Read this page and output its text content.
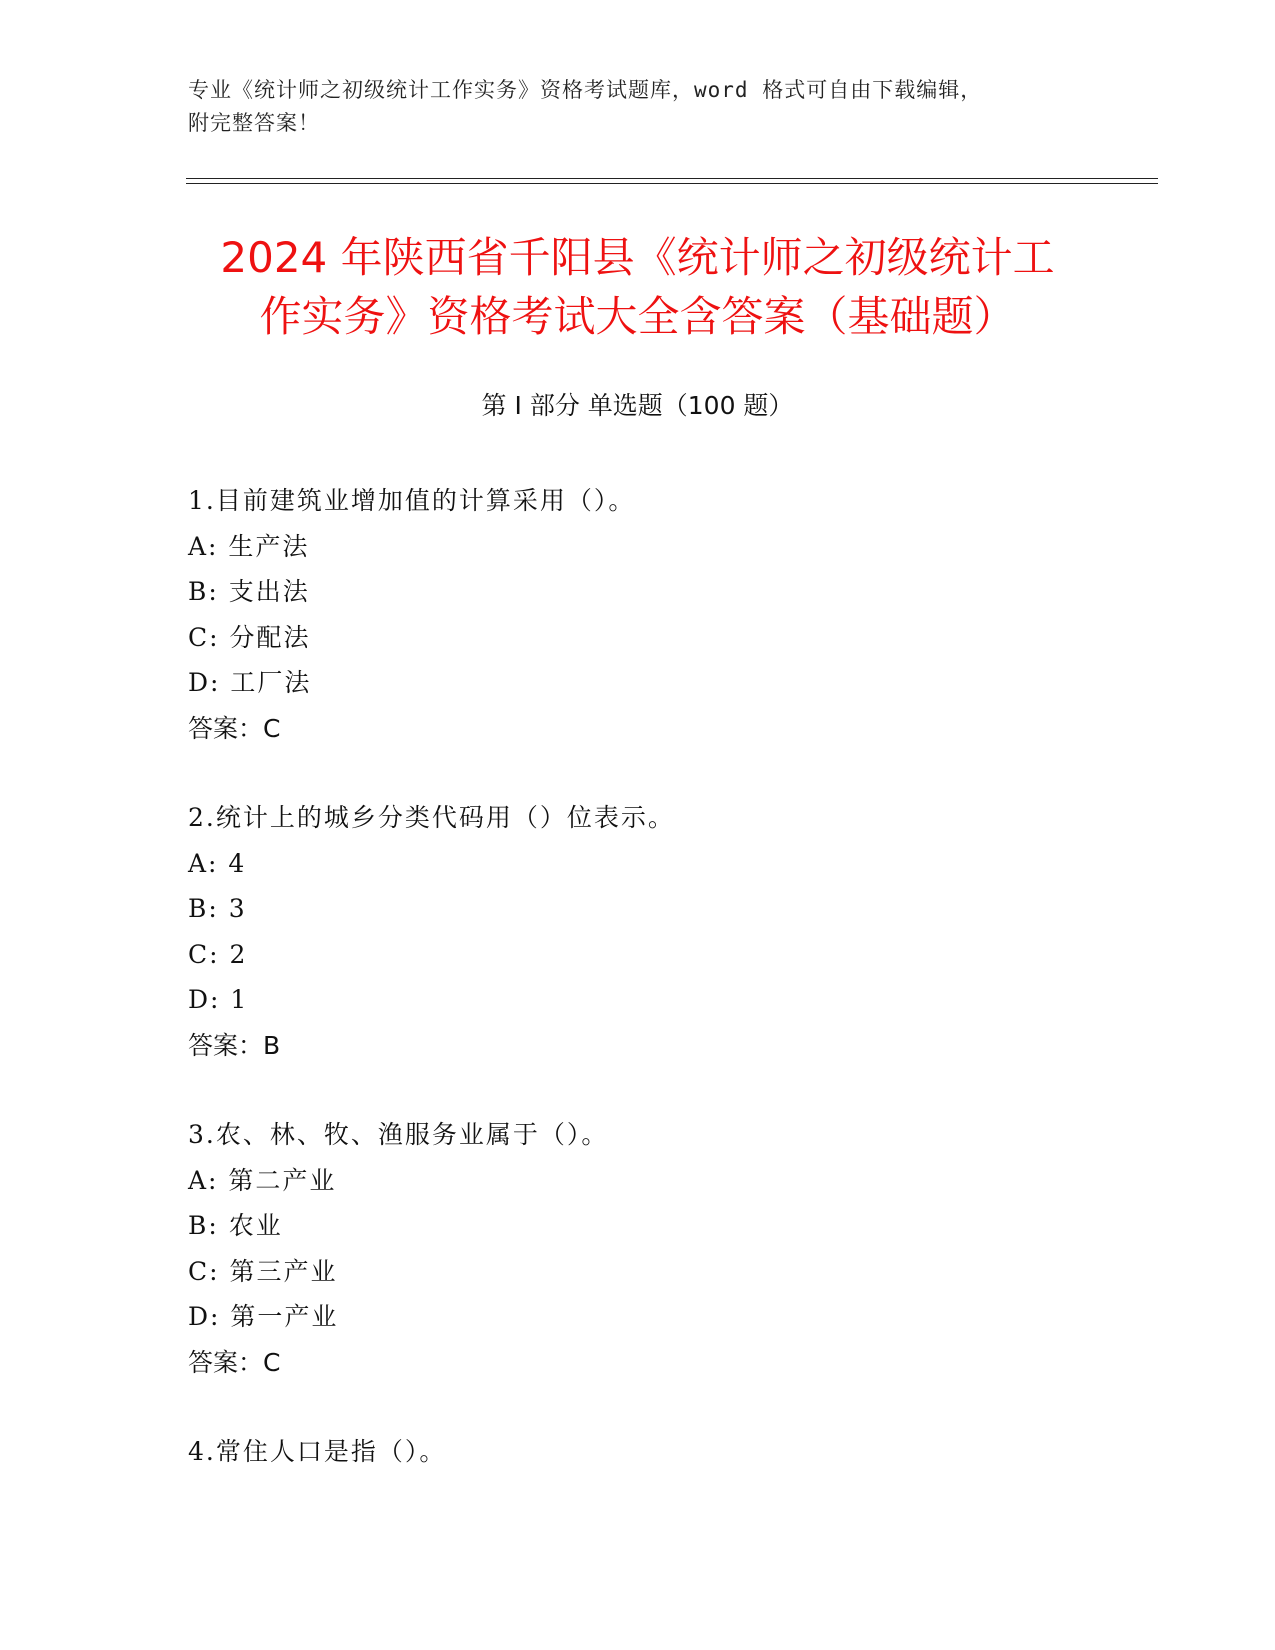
专业《统计师之初级统计工作实务》资格考试题库，word 格式可自由下载编辑，
附完整答案！
2024 年陕西省千阳县《统计师之初级统计工
作实务》资格考试大全含答案（基础题）
第 I 部分 单选题（100 题）
1.目前建筑业增加值的计算采用（）。
A: 生产法
B: 支出法
C: 分配法
D: 工厂法
答案：C
2.统计上的城乡分类代码用（）位表示。
A: 4
B: 3
C: 2
D: 1
答案：B
3.农、林、牧、渔服务业属于（）。
A: 第二产业
B: 农业
C: 第三产业
D: 第一产业
答案：C
4.常住人口是指（）。
